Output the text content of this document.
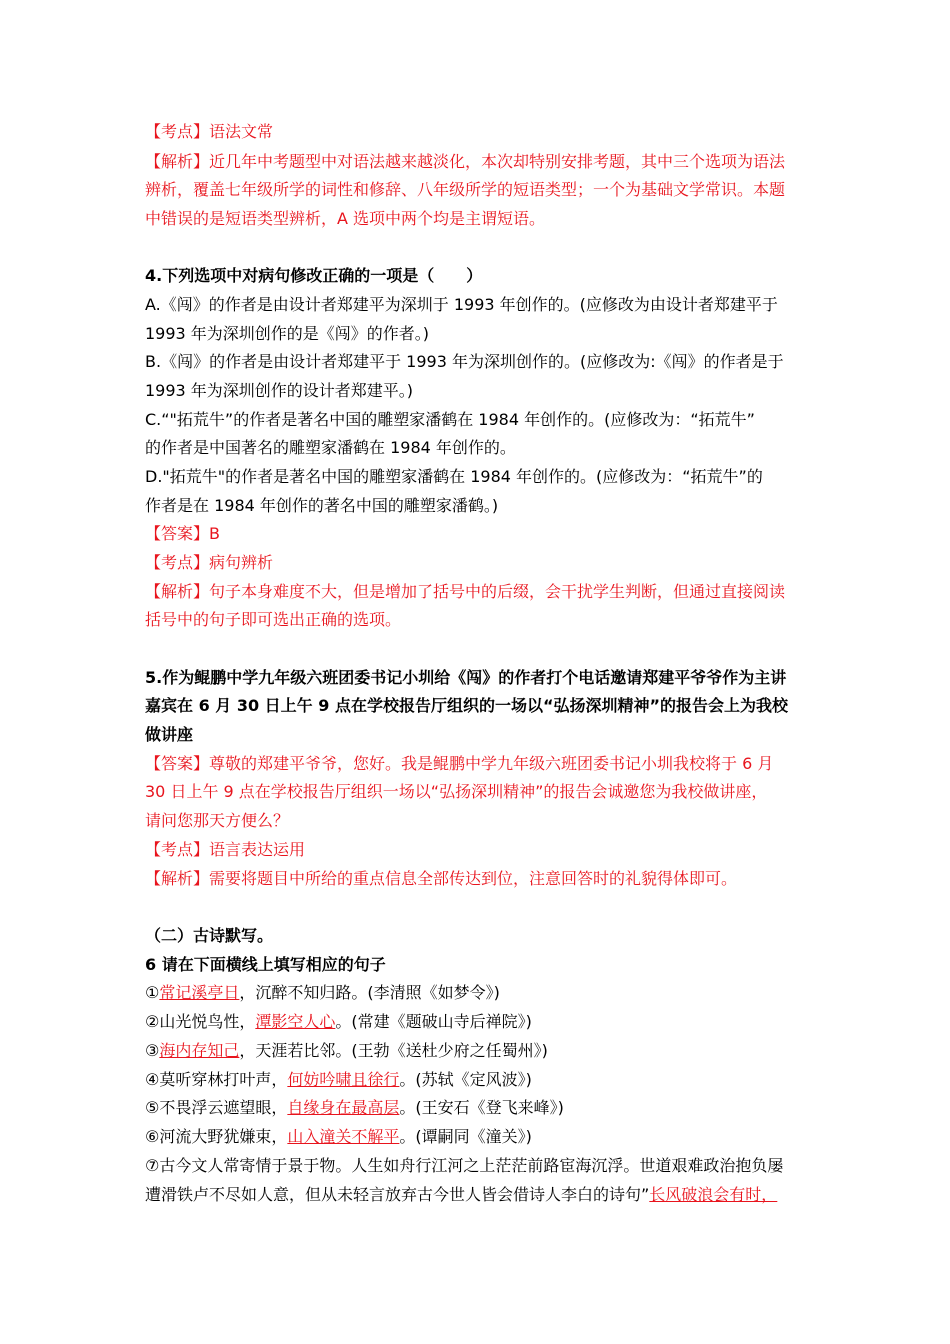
【考点】语法文常
【解析】近几年中考题型中对语法越来越淡化，本次却特别安排考题，其中三个选项为语法
辨析，覆盖七年级所学的词性和修辞、八年级所学的短语类型；一个为基础文学常识。本题
中错误的是短语类型辨析，A 选项中两个均是主谓短语。
4.下列选项中对病句修改正确的一项是（　　）
A.《闯》的作者是由设计者郑建平为深圳于 1993 年创作的。(应修改为由设计者郑建平于
1993 年为深圳创作的是《闯》的作者。)
B.《闯》的作者是由设计者郑建平于 1993 年为深圳创作的。(应修改为:《闯》的作者是于
1993 年为深圳创作的设计者郑建平。)
C.“"拓荒牛”的作者是著名中国的雕塑家潘鹤在 1984 年创作的。(应修改为：“拓荒牛”
的作者是中国著名的雕塑家潘鹤在 1984 年创作的。
D."拓荒牛"的作者是著名中国的雕塑家潘鹤在 1984 年创作的。(应修改为：“拓荒牛”的
作者是在 1984 年创作的著名中国的雕塑家潘鹤。)
【答案】B
【考点】病句辨析
【解析】句子本身难度不大，但是增加了括号中的后缀，会干扰学生判断，但通过直接阅读
括号中的句子即可选出正确的选项。
5.作为鲲鹏中学九年级六班团委书记小圳给《闯》的作者打个电话邀请郑建平爷爷作为主讲
嘉宾在 6 月 30 日上午 9 点在学校报告厅组织的一场以“弘扬深圳精神”的报告会上为我校
做讲座
【答案】尊敬的郑建平爷爷，您好。我是鲲鹏中学九年级六班团委书记小圳我校将于 6 月
30 日上午 9 点在学校报告厅组织一场以“弘扬深圳精神”的报告会诚邀您为我校做讲座，
请问您那天方便么？
【考点】语言表达运用
【解析】需要将题目中所给的重点信息全部传达到位，注意回答时的礼貌得体即可。
（二）古诗默写。
6 请在下面横线上填写相应的句子
①常记溪亭日，沉醉不知归路。(李清照《如梦令》)
②山光悦鸟性，潭影空人心。(常建《题破山寺后禅院》)
③海内存知己，天涯若比邻。(王勃《送杜少府之任蜀州》)
④莫听穿林打叶声，何妨吟啸且徐行。(苏轼《定风波》)
⑤不畏浮云遮望眼，自缘身在最高层。(王安石《登飞来峰》)
⑥河流大野犹嫌束，山入潼关不解平。(谭嗣同《潼关》)
⑦古今文人常寄情于景于物。人生如舟行江河之上茫茫前路宦海沉浮。世道艰难政治抱负屡
遭滑铁卢不尽如人意，但从未轻言放弃古今世人皆会借诗人李白的诗句”长风破浪会有时，
